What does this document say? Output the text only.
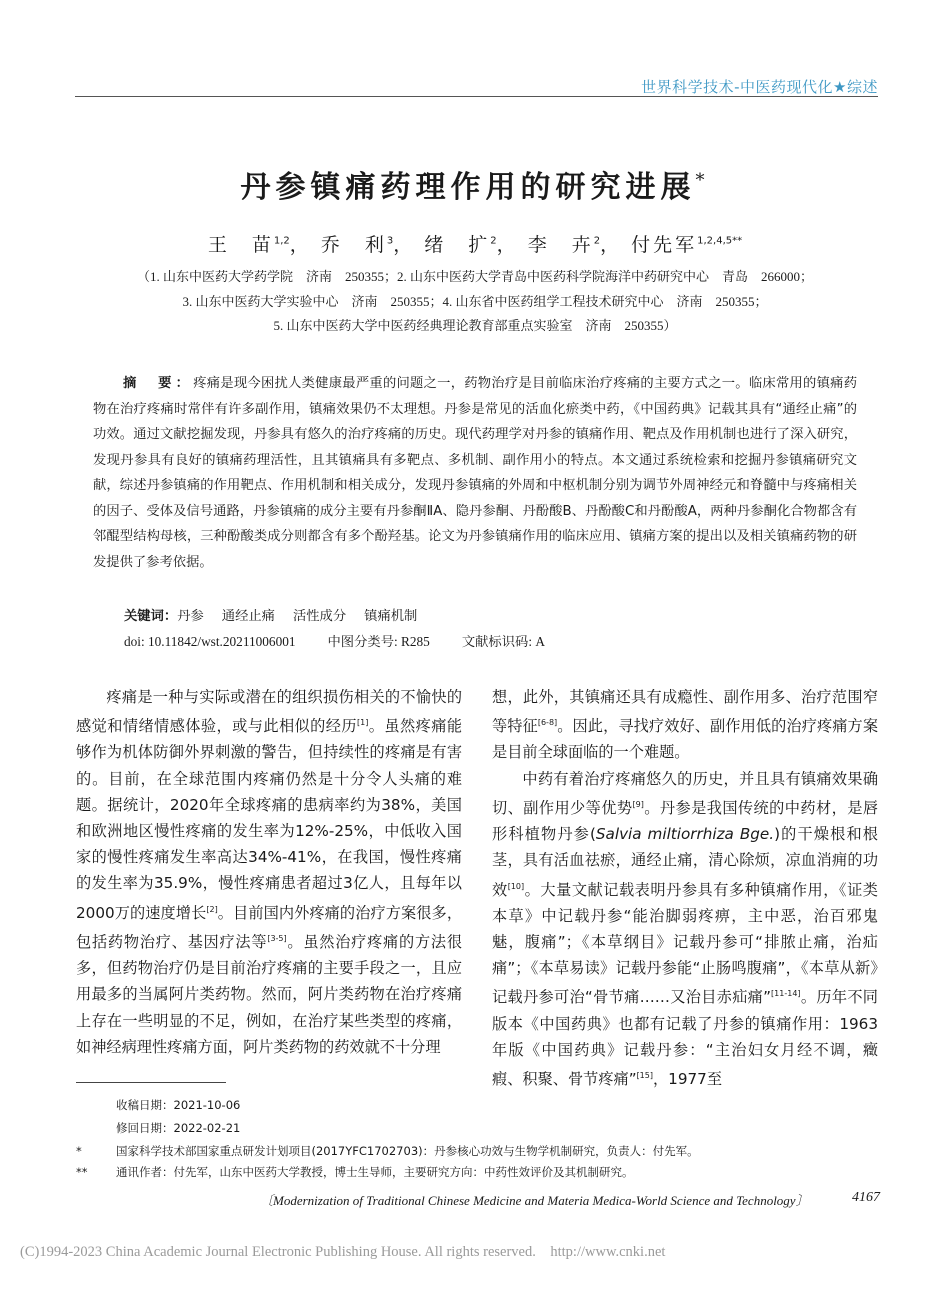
世界科学技术-中医药现代化★综述
丹参镇痛药理作用的研究进展*
王　苗$^{1,2}$， 乔　利$^3$， 绪　扩$^2$， 李　卉$^2$， 付先军$^{1,2,4,5**}$
（1. 山东中医药大学药学院　济南　250355；2. 山东中医药大学青岛中医药科学院海洋中药研究中心　青岛　266000；
3. 山东中医药大学实验中心　济南　250355；4. 山东省中医药组学工程技术研究中心　济南　250355；
5. 山东中医药大学中医药经典理论教育部重点实验室　济南　250355）
摘　要：疼痛是现今困扰人类健康最严重的问题之一，药物治疗是目前临床治疗疼痛的主要方式之一。临床常用的镇痛药物在治疗疼痛时常伴有许多副作用，镇痛效果仍不太理想。丹参是常见的活血化瘀类中药，《中国药典》记载其具有“通经止痛”的功效。通过文献挖掘发现，丹参具有悠久的治疗疼痛的历史。现代药理学对丹参的镇痛作用、靶点及作用机制也进行了深入研究，发现丹参具有良好的镇痛药理活性，且其镇痛具有多靶点、多机制、副作用小的特点。本文通过系统检索和挖掘丹参镇痛研究文献，综述丹参镇痛的作用靶点、作用机制和相关成分，发现丹参镇痛的外周和中枢机制分别为调节外周神经元和脊髓中与疼痛相关的因子、受体及信号通路，丹参镇痛的成分主要有丹参酮ⅡA、隐丹参酮、丹酚酸B、丹酚酸C和丹酚酸A，两种丹参酮化合物都含有邻醌型结构母核，三种酚酸类成分则都含有多个酚羟基。论文为丹参镇痛作用的临床应用、镇痛方案的提出以及相关镇痛药物的研发提供了参考依据。
关键词：丹参 通经止痛 活性成分 镇痛机制
doi: 10.11842/wst.20211006001 中图分类号: R285 文献标识码: A

疼痛是一种与实际或潜在的组织损伤相关的不愉快的感觉和情绪情感体验，或与此相似的经历[1]。虽然疼痛能够作为机体防御外界刺激的警告，但持续性的疼痛是有害的。目前，在全球范围内疼痛仍然是十分令人头痛的难题。据统计，2020年全球疼痛的患病率约为38%，美国和欧洲地区慢性疼痛的发生率为12%-25%，中低收入国家的慢性疼痛发生率高达34%-41%，在我国，慢性疼痛的发生率为35.9%，慢性疼痛患者超过3亿人，且每年以2000万的速度增长[2]。目前国内外疼痛的治疗方案很多，包括药物治疗、基因疗法等[3-5]。虽然治疗疼痛的方法很多，但药物治疗仍是目前治疗疼痛的主要手段之一，且应用最多的当属阿片类药物。然而，阿片类药物在治疗疼痛上存在一些明显的不足，例如，在治疗某些类型的疼痛，如神经病理性疼痛方面，阿片类药物的药效就不十分理

想，此外，其镇痛还具有成瘾性、副作用多、治疗范围窄等特征[6-8]。因此，寻找疗效好、副作用低的治疗疼痛方案是目前全球面临的一个难题。

中药有着治疗疼痛悠久的历史，并且具有镇痛效果确切、副作用少等优势[9]。丹参是我国传统的中药材，是唇形科植物丹参(Salvia miltiorrhiza Bge.)的干燥根和根茎，具有活血祛瘀，通经止痛，清心除烦，凉血消痈的功效[10]。大量文献记载表明丹参具有多种镇痛作用，《证类本草》中记载丹参“能治脚弱疼痹，主中恶，治百邪鬼魅，腹痛”；《本草纲目》记载丹参可“排脓止痛，治疝痛”；《本草易读》记载丹参能“止肠鸣腹痛”，《本草从新》记载丹参可治“骨节痛……又治目赤疝痛”[11-14]。历年不同版本《中国药典》也都有记载了丹参的镇痛作用：1963年版《中国药典》记载丹参：“主治妇女月经不调，癥瘕、积聚、骨节疼痛”[15]，1977至

收稿日期：2021-10-06
修回日期：2022-02-21
*	国家科学技术部国家重点研发计划项目(2017YFC1702703)：丹参核心功效与生物学机制研究，负责人：付先军。
** 通讯作者：付先军，山东中医药大学教授，博士生导师，主要研究方向：中药性效评价及其机制研究。
〔Modernization of Traditional Chinese Medicine and Materia Medica-World Science and Technology〕	4167
(C)1994-2023 China Academic Journal Electronic Publishing House. All rights reserved.　http://www.cnki.net
